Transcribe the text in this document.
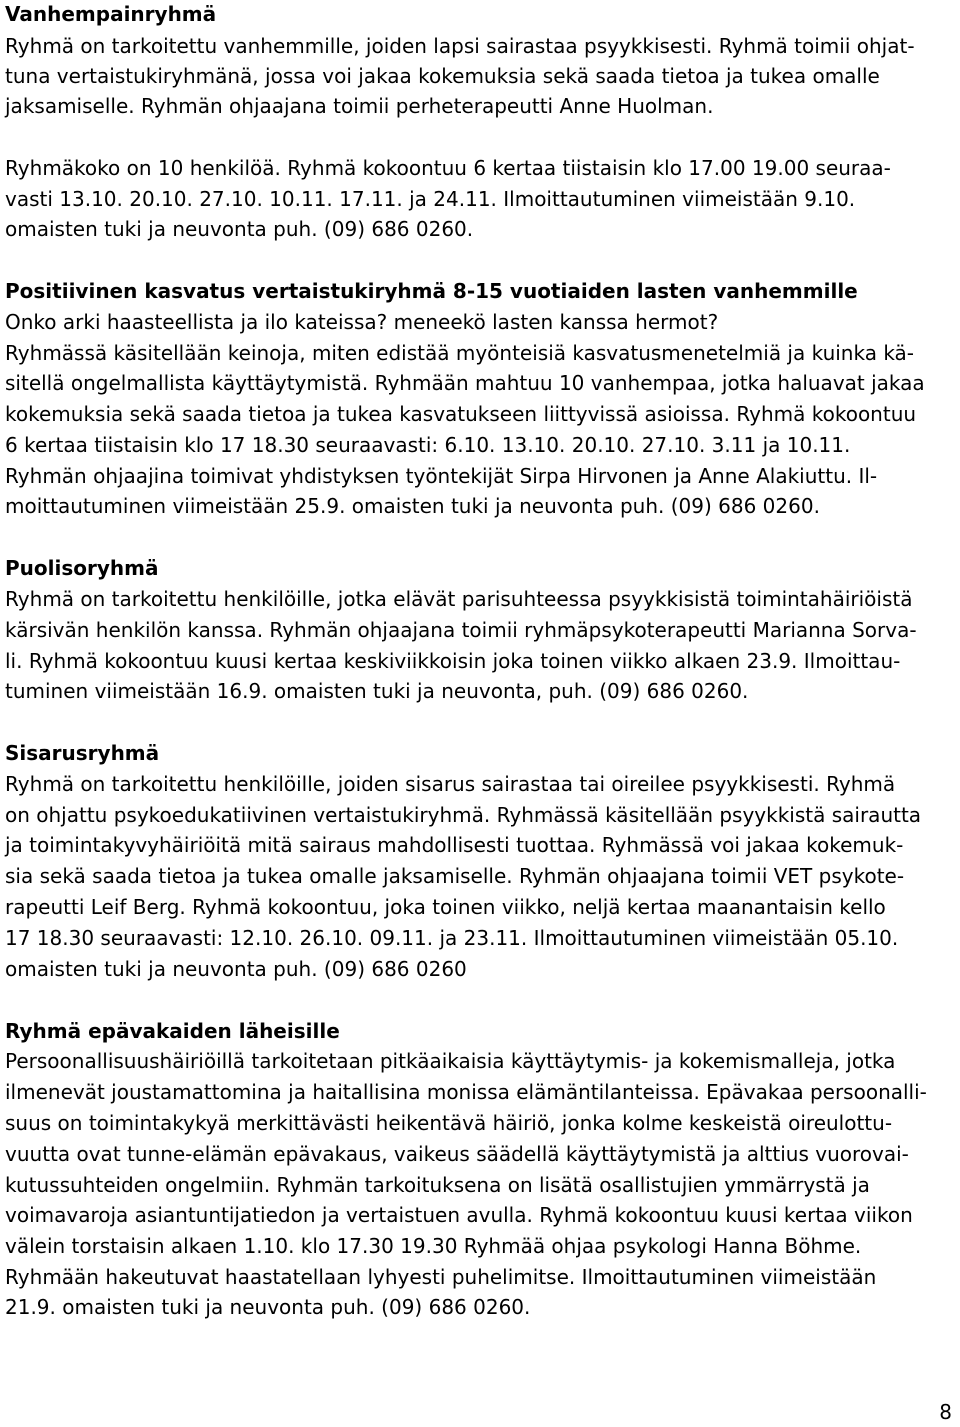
Vanhempainryhmä
Ryhmä on tarkoitettu vanhemmille, joiden lapsi sairastaa psyykkisesti. Ryhmä toimii ohjat-
tuna vertaistukiryhmänä, jossa voi jakaa kokemuksia sekä saada tietoa ja tukea omalle
jaksamiselle. Ryhmän ohjaajana toimii perheterapeutti Anne Huolman.
Ryhmäkoko on 10 henkilöä. Ryhmä kokoontuu 6 kertaa tiistaisin klo 17.00 19.00 seuraa-
vasti 13.10. 20.10. 27.10. 10.11. 17.11. ja 24.11. Ilmoittautuminen viimeistään 9.10.
omaisten tuki ja neuvonta puh. (09) 686 0260.
Positiivinen kasvatus vertaistukiryhmä 8-15 vuotiaiden lasten vanhemmille
Onko arki haasteellista ja ilo kateissa? meneekö lasten kanssa hermot?
Ryhmässä käsitellään keinoja, miten edistää myönteisiä kasvatusmenetelmiä ja kuinka kä-
sitellä ongelmallista käyttäytymistä. Ryhmään mahtuu 10 vanhempaa, jotka haluavat jakaa
kokemuksia sekä saada tietoa ja tukea kasvatukseen liittyvissä asioissa. Ryhmä kokoontuu
6 kertaa tiistaisin klo 17 18.30 seuraavasti: 6.10. 13.10. 20.10. 27.10. 3.11 ja 10.11.
Ryhmän ohjaajina toimivat yhdistyksen työntekijät Sirpa Hirvonen ja Anne Alakiuttu. Il-
moittautuminen viimeistään 25.9. omaisten tuki ja neuvonta puh. (09) 686 0260.
Puolisoryhmä
Ryhmä on tarkoitettu henkilöille, jotka elävät parisuhteessa psyykkisistä toimintahäiriöistä
kärsivän henkilön kanssa. Ryhmän ohjaajana toimii ryhmäpsykoterapeutti Marianna Sorva-
li. Ryhmä kokoontuu kuusi kertaa keskiviikkoisin joka toinen viikko alkaen 23.9. Ilmoittau-
tuminen viimeistään 16.9. omaisten tuki ja neuvonta, puh. (09) 686 0260.
Sisarusryhmä
Ryhmä on tarkoitettu henkilöille, joiden sisarus sairastaa tai oireilee psyykkisesti. Ryhmä
on ohjattu psykoedukatiivinen vertaistukiryhmä. Ryhmässä käsitellään psyykkistä sairautta
ja toimintakyvyhäiriöitä mitä sairaus mahdollisesti tuottaa. Ryhmässä voi jakaa kokemuk-
sia sekä saada tietoa ja tukea omalle jaksamiselle. Ryhmän ohjaajana toimii VET psykote-
rapeutti Leif Berg. Ryhmä kokoontuu, joka toinen viikko, neljä kertaa maanantaisin kello
17 18.30 seuraavasti: 12.10. 26.10. 09.11. ja 23.11. Ilmoittautuminen viimeistään 05.10.
omaisten tuki ja neuvonta puh. (09) 686 0260
Ryhmä epävakaiden läheisille
Persoonallisuushäiriöillä tarkoitetaan pitkäaikaisia käyttäytymis- ja kokemismalleja, jotka
ilmenevät joustamattomina ja haitallisina monissa elämäntilanteissa. Epävakaa persoonalli-
suus on toimintakykyä merkittävästi heikentävä häiriö, jonka kolme keskeistä oireulottu-
vuutta ovat tunne-elämän epävakaus, vaikeus säädellä käyttäytymistä ja alttius vuorovai-
kutussuhteiden ongelmiin. Ryhmän tarkoituksena on lisätä osallistujien ymmärrystä ja
voimavaroja asiantuntijatiedon ja vertaistuen avulla. Ryhmä kokoontuu kuusi kertaa viikon
välein torstaisin alkaen 1.10. klo 17.30 19.30 Ryhmää ohjaa psykologi Hanna Böhme.
Ryhmään hakeutuvat haastatellaan lyhyesti puhelimitse. Ilmoittautuminen viimeistään
21.9. omaisten tuki ja neuvonta puh. (09) 686 0260.
8
